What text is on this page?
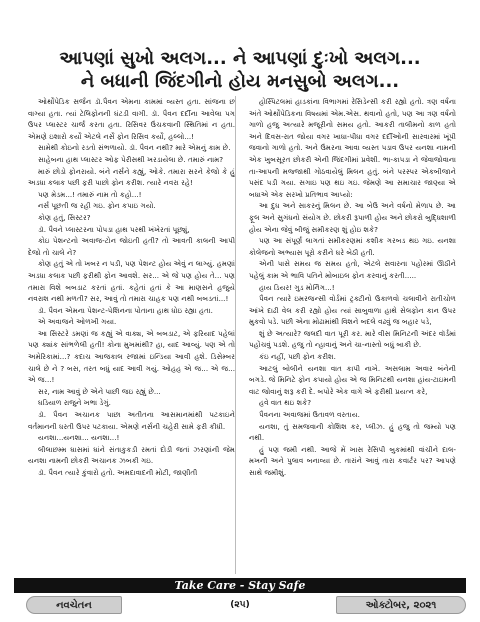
આપણાં સુખો અલગ... ને આપણાં દુઃખો અલગ...
ને બધાની જિંદગીનો હોય મનસુબો અલગ...

ઓર્થોપેડિક સર્જન ડૉ.પૈવન એમના કામમાં વ્યસ્ત હતા. સાંજના છ વાગ્યા હતા. ત્યાં ટેલિફોનની ઘંટડી વાગી. ડૉ. પૈવન દર્દીના આવેલા પગ ઉપર પ્લાસ્ટર ચાર્જ કરતા હતા. રિસિવર ઉંચકવાની સ્થિતિમાં ન હતા. એમણે ઇશારો કર્યો એટલે નર્સે ફોન રિસિવ કર્યો, હલ્લો...!

સામેથી કોઇનો રડતો સંભળાયો. ડૉ. પૈવન નથી? મારે એમનું કામ છે.

સાહેબના હાથ પ્લાસ્ટર ઓફ પેરીસથી ખરડાયેલા છે. તમારું નામ?

મારું છોડો ફોનરાયો. બંને નર્સને કહ્યું, ઓકે. તમારા સરને કેજો કે હું અડધા કલાક પછી ફરી પાછો ફોન કરીશ. ત્યારે નવરા રહે!

પણ મેડમ...! તમારું નામ તો કહો...!

નર્સ પૂછતી જ રહી ગઇ. ફોન કપાઇ ગયો.

કોણ હતું, સિસ્ટર?

ડૉ. પૈવને પ્લાસ્ટરના પોપડા હાથ પરથી ખંખેરતાં પૂછ્યું,

કોઇ પેશન્ટનો અવાજ-ટોન જોઇતી હતી? તો આવતી કાલની આપી દેજો તો ચાલે ને?

કોણ હતું એ તો ખબર ન પડી, પણ પેશન્ટ હોય એવું ન લાગ્યું. હમણાં અડધા કલાક પછી ફરીથી ફોન આવશે. સર... એ જે પણ હોય તે... પણ તમારા વિશે બબડાટ કરતાં હતાં. કહેતાં હતાં કે આ માણસને હજુયે નવરાશ નથી મળતી? સર, આવું તો તમારા ચાહક પણ નથી બબડતાં...!

ડૉ. પૈવન એમના પેશન્ટ-પેશિનના પોતાના હાથ ધોઇ રહ્યા હતા.

એ અવાજને ઓળખી ગયા.

આ સિસ્ટરે ડમણાં જ કહ્યું એ વાક્ય, એ બબડાટ, એ ફરિયાદ પહેલાં પણ ક્યાંક સાંભળેલી હતી! કોના મુખમાંથી? હા, યાદ આવ્યું. પણ એ તો અમેરિકામાં...? કદાચ આજકાલ રજામાં ઇન્ડિયા આવી હશે. ડિસેમ્બર ચાલે છે ને ? બસ, તરત બધું યાદ આવી ગયું. ઓહહ એ જ... એ જ... એ જ...!

સર, નામ આવું છે એને પાછી જઇ રહ્યું છે...

ઘડિયાળ રાજુને ખભા ડેગું.

ડૉ. પૈવન અચાનક પાછા અતીતના આસમાનમાંથી પટકાઇને વર્તમાનની ધરતી ઉપર પટકાયા. એમણે નર્સની ચહેરી સામે ફરી કીધી.

યનશા...યનશા... યનશા...!

લીલાછમ્મ ઘાસમાં ઘાંને સંતાકુકડી રમતાં દોડી જતાં ઝરણાંની જેમ યનશા નામની છોકરી અચાનક ઝબકી ગઇ.

ડૉ. પૈવન ત્યારે કુંવારો હતો. અમદાવાદની મોટી, જાણીતી

હોસ્પિટલમાં હાડકાંના વિભાગમાં રેસિડેન્સી કરી રહ્યો હતો. ત્રણ વર્ષના અંતે ઓર્થોપેડિકના વિષયમાં એમ.એસ. થવાનો હતો, પણ આ ત્રણ વર્ષનો ગાળો હજુ અત્યારે મજૂરીનો સમય હતો. આકરી તાલીમનો કાળ હતો અને દિવસ-રાત જોયા વગર ખાધા-પીધા વગર દર્દીઓની સારવારમાં ખૂંપી જવાનો ગાળો હતો. અને ઉંમરના આવા વ્યસ્ત પડાવ ઉપર યનશા નામની એક ખુબસૂરત છોકરી એની જિંદગીમાં પ્રવેશી. ભા-કાપડા ને જેવાજોવાના તા-આપની મજ્જાથી ગોઠવાયેલું મિલન હતું. બંને પરસ્પર એકબીજાને પસંદ પડી ગયા. સગાઇ પણ થઇ ગઇ. જેમણે આ સમાચાર જાણ્યા એ બધાએ એક સરખો પ્રતિભાવ આપ્યો:

આ દુધ અને સાકરનું મિલન છે. આ બેઉ અને વર્ષનો મેળાપ છે. આ ફૂલ અને સુગંધનો સંયોગ છે. છોકરી રૂપાળી હોય અને છોકરો બુદ્ધિશાળી હોય એના જેવું બીજું સમીકરણ શું હોઇ શકે?

પણ આ સંપૂર્ણ લાગતાં સમીકરણમાં કશીક ગરબડ થઇ ગઇ. યનશા કોલેજનો અભ્યાસ પૂરો કરીને ઘરે બેઠી હતી.

એની પાસે સમય જ સમય હતો, એટલે સવારના પહોરમાં ઊઠીને પહેલું કામ એ ભાવિ પતિને મોબાઇલ ફોન કરવાનું કરતી.....

હાય ડિયર! ગુડ મોર્નિંગ...!

પૈવન ત્યારે ઇમરજન્સી વોર્ડમાં ટ્રક્ટીનો ઉકાળવો ચલાવીને રાતીચોળ આંખે દાઢી વેલ કરી રહ્યો હોય ત્યાં સાબુવાળા હાથે સેલફોન કાન ઉપર મુકવો પડે. પછી એના મોઢામાંથી વિશને બદલે વઢવું જ બહાર પડે,

શું છે અત્યારે? જલદી વાત પૂરી કર. મારે વીસ મિનિટની અંદર વૉર્ડમાં પહોંચવું પડશે. હજુ તો ન્હાવાનું અને ચા-નાસ્તો બધું બાકી છે.

કંઇ નહીં, પછી ફોન કરીશ.

આટલું બોલીને યનશા વાત કાપી નાખે. અસલામ અવાર બંનેની બગડે. જે મિનિટે ફોન કપાયો હોય એ જ મિનિટથી યનશા હાંય-ટાઇમની વાટ જોવાનું શરૂ કરી દે. બપોરે એક વાગે એ ફરીથી પ્રયત્ન કરે,

હવે વાત થઇ શકે?

પૈવનના અવાજમાં ઉતાવળ વરતાય.

યનશા, તું સમજવાની કોશિશ કર, પ્લીઝ. હું હજુ તો જમ્યો પણ નથી.

હું પણ જમી નથી. આજે મેં ખાસ રેસિપી બુકમાંથી વાંચીને દાલ-મખની અને પુલાવ બનાવ્યા છે. તારાંને આવું તારા કવાર્ટર પર? આપણે સાથે જમીશું.

Take Care - Stay Safe
નવચેતન	(૨૫)	ઓક્ટોબર, ૨૦૨૧
